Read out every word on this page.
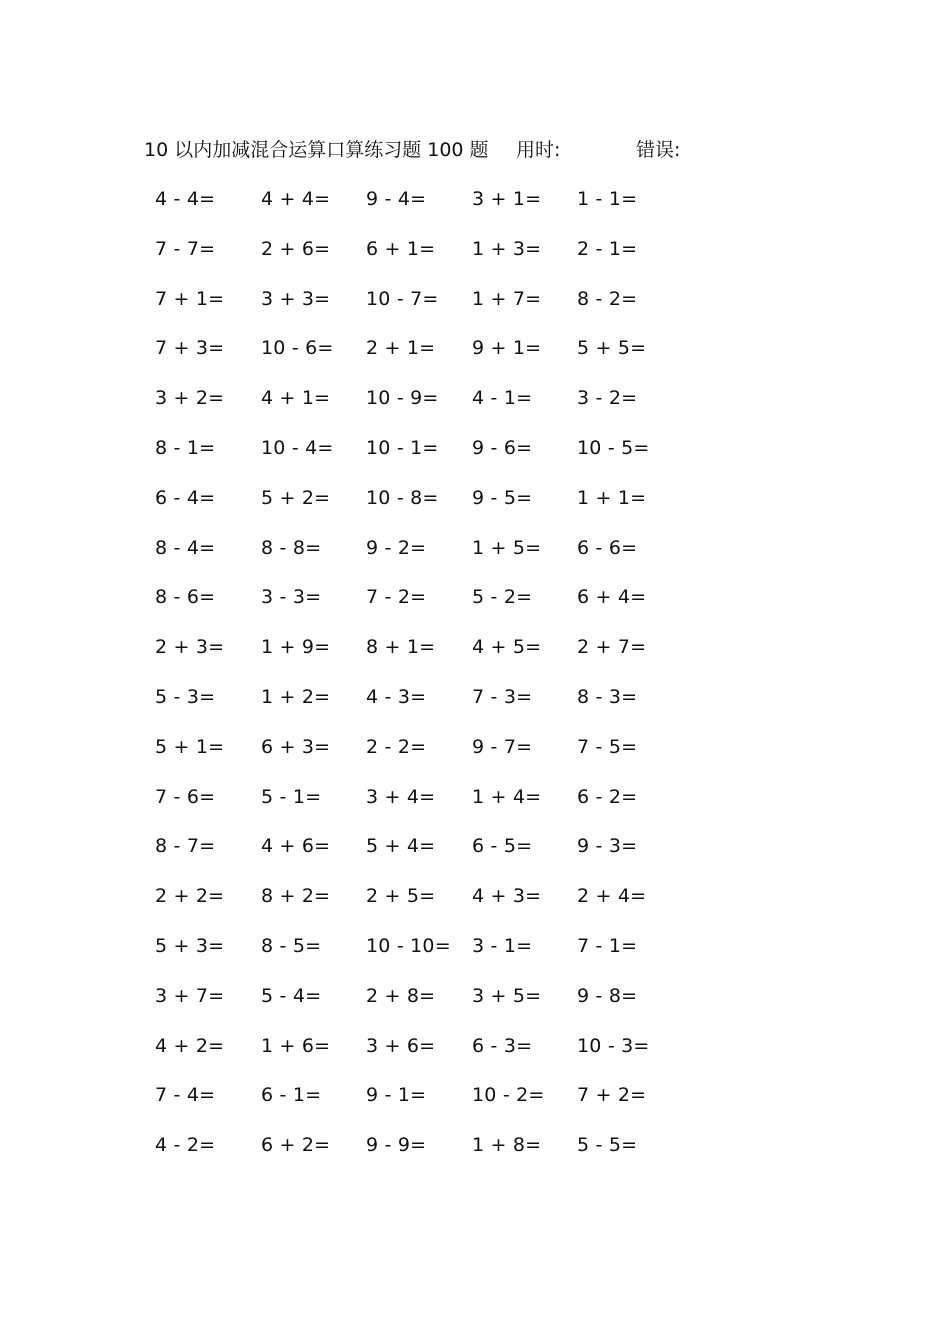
10 以内加减混合运算口算练习题 100 题 用时:	错误:
4 - 4= 4 + 4= 9 - 4= 3 + 1= 1 - 1=
7 - 7= 2 + 6= 6 + 1= 1 + 3= 2 - 1=
7 + 1= 3 + 3= 10 - 7= 1 + 7= 8 - 2=
7 + 3= 10 - 6= 2 + 1= 9 + 1= 5 + 5=
3 + 2= 4 + 1= 10 - 9= 4 - 1= 3 - 2=
8 - 1= 10 - 4= 10 - 1= 9 - 6= 10 - 5=
6 - 4= 5 + 2= 10 - 8= 9 - 5= 1 + 1=
8 - 4= 8 - 8= 9 - 2= 1 + 5= 6 - 6=
8 - 6= 3 - 3= 7 - 2= 5 - 2= 6 + 4=
2 + 3= 1 + 9= 8 + 1= 4 + 5= 2 + 7=
5 - 3= 1 + 2= 4 - 3= 7 - 3= 8 - 3=
5 + 1= 6 + 3= 2 - 2= 9 - 7= 7 - 5=
7 - 6= 5 - 1= 3 + 4= 1 + 4= 6 - 2=
8 - 7= 4 + 6= 5 + 4= 6 - 5= 9 - 3=
2 + 2= 8 + 2= 2 + 5= 4 + 3= 2 + 4=
5 + 3= 8 - 5= 10 - 10= 3 - 1= 7 - 1=
3 + 7= 5 - 4= 2 + 8= 3 + 5= 9 - 8=
4 + 2= 1 + 6= 3 + 6= 6 - 3= 10 - 3=
7 - 4= 6 - 1= 9 - 1= 10 - 2= 7 + 2=
4 - 2= 6 + 2= 9 - 9= 1 + 8= 5 - 5=
